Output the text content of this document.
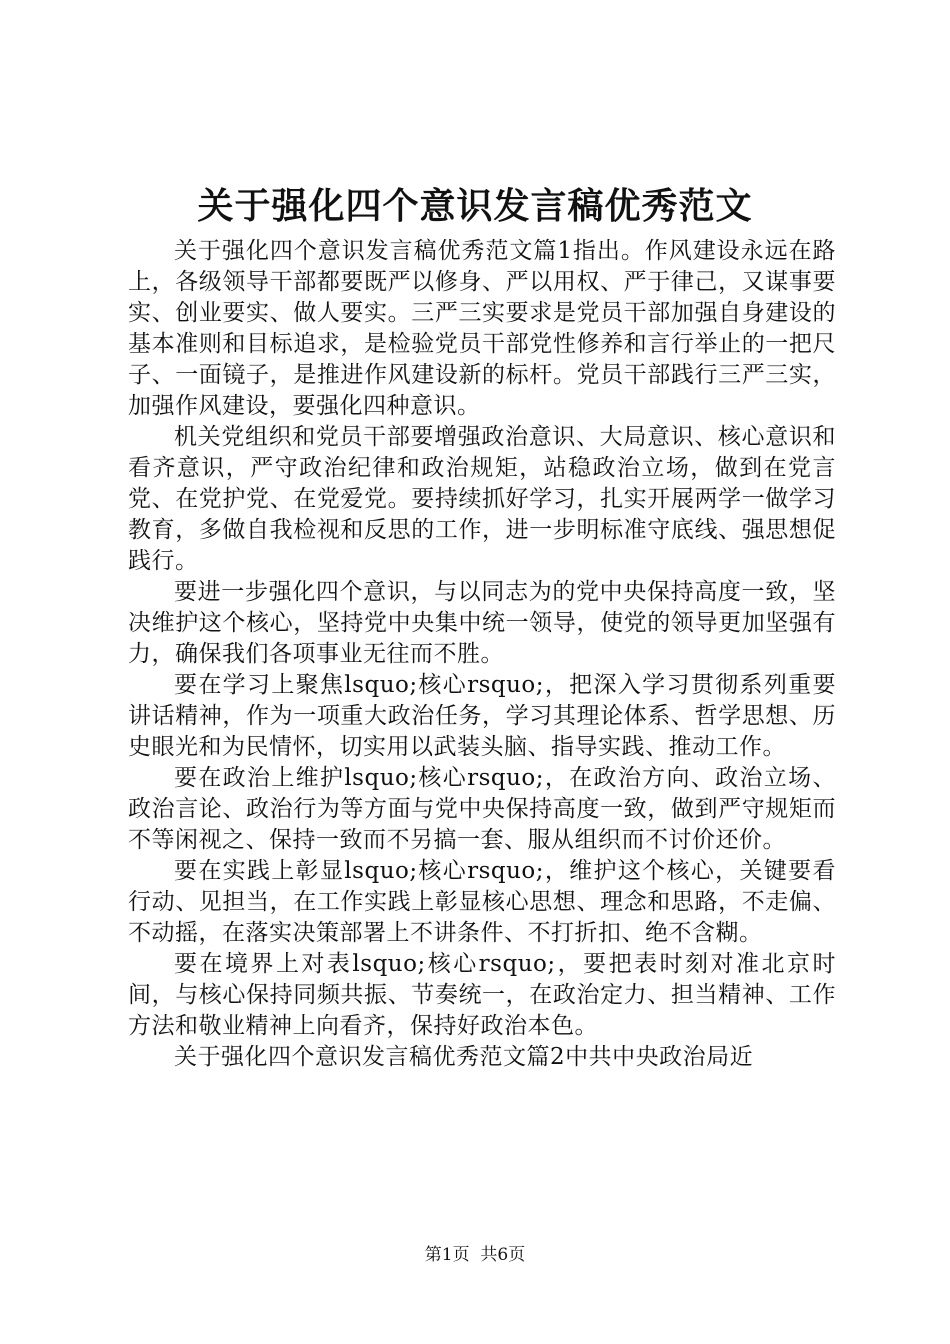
关于强化四个意识发言稿优秀范文

关于强化四个意识发言稿优秀范文篇1指出。作风建设永远在路上，各级领导干部都要既严以修身、严以用权、严于律己，又谋事要实、创业要实、做人要实。三严三实要求是党员干部加强自身建设的基本准则和目标追求，是检验党员干部党性修养和言行举止的一把尺子、一面镜子，是推进作风建设新的标杆。党员干部践行三严三实，加强作风建设，要强化四种意识。

机关党组织和党员干部要增强政治意识、大局意识、核心意识和看齐意识，严守政治纪律和政治规矩，站稳政治立场，做到在党言党、在党护党、在党爱党。要持续抓好学习，扎实开展两学一做学习教育，多做自我检视和反思的工作，进一步明标准守底线、强思想促践行。

要进一步强化四个意识，与以同志为的党中央保持高度一致，坚决维护这个核心，坚持党中央集中统一领导，使党的领导更加坚强有力，确保我们各项事业无往而不胜。

要在学习上聚焦lsquo;核心rsquo;，把深入学习贯彻系列重要讲话精神，作为一项重大政治任务，学习其理论体系、哲学思想、历史眼光和为民情怀，切实用以武装头脑、指导实践、推动工作。

要在政治上维护lsquo;核心rsquo;，在政治方向、政治立场、政治言论、政治行为等方面与党中央保持高度一致，做到严守规矩而不等闲视之、保持一致而不另搞一套、服从组织而不讨价还价。

要在实践上彰显lsquo;核心rsquo;，维护这个核心，关键要看行动、见担当，在工作实践上彰显核心思想、理念和思路，不走偏、不动摇，在落实决策部署上不讲条件、不打折扣、绝不含糊。

要在境界上对表lsquo;核心rsquo;，要把表时刻对准北京时间，与核心保持同频共振、节奏统一，在政治定力、担当精神、工作方法和敬业精神上向看齐，保持好政治本色。

关于强化四个意识发言稿优秀范文篇2中共中央政治局近

第1页 共6页
